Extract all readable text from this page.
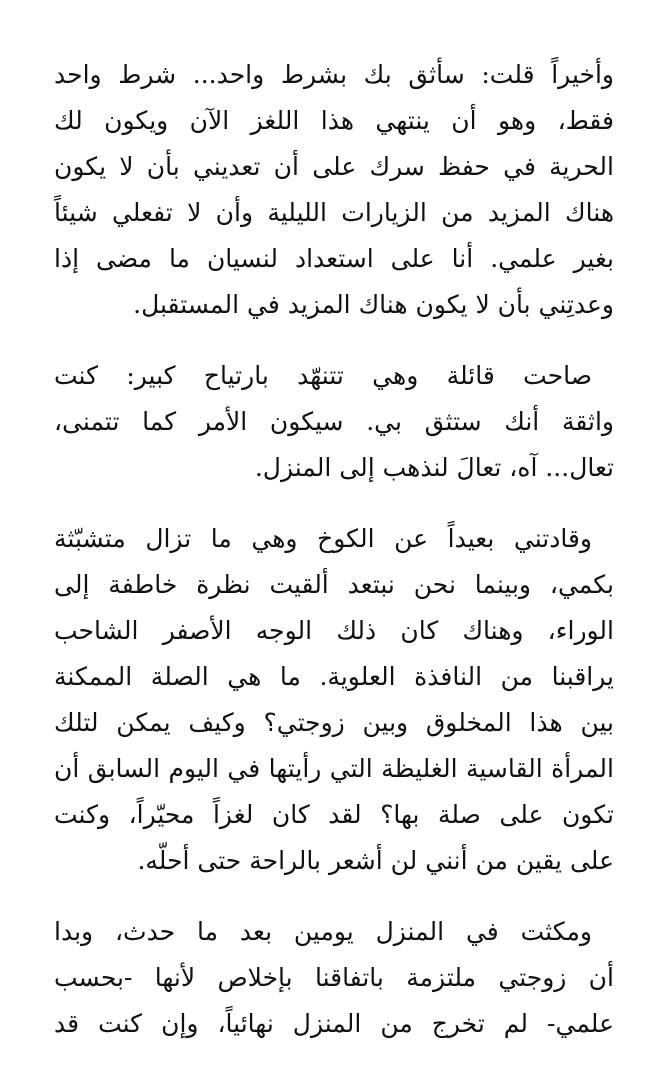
وأخيراً قلت: سأثق بك بشرط واحد... شرط واحد
فقط، وهو أن ينتهي هذا اللغز الآن ويكون لك
الحرية في حفظ سرك على أن تعديني بأن لا يكون
هناك المزيد من الزيارات الليلية وأن لا تفعلي شيئاً
بغير علمي. أنا على استعداد لنسيان ما مضى إذا
وعدتِني بأن لا يكون هناك المزيد في المستقبل.
صاحت قائلة وهي تتنهّد بارتياح كبير: كنت
واثقة أنك ستثق بي. سيكون الأمر كما تتمنى،
تعال... آه، تعالَ لنذهب إلى المنزل.
وقادتني بعيداً عن الكوخ وهي ما تزال متشبّثة
بكمي، وبينما نحن نبتعد ألقيت نظرة خاطفة إلى
الوراء، وهناك كان ذلك الوجه الأصفر الشاحب
يراقبنا من النافذة العلوية. ما هي الصلة الممكنة
بين هذا المخلوق وبين زوجتي؟ وكيف يمكن لتلك
المرأة القاسية الغليظة التي رأيتها في اليوم السابق أن
تكون على صلة بها؟ لقد كان لغزاً محيّراً، وكنت
على يقين من أنني لن أشعر بالراحة حتى أحلّه.
ومكثت في المنزل يومين بعد ما حدث، وبدا
أن زوجتي ملتزمة باتفاقنا بإخلاص لأنها -بحسب
علمي- لم تخرج من المنزل نهائياً، وإن كنت قد
